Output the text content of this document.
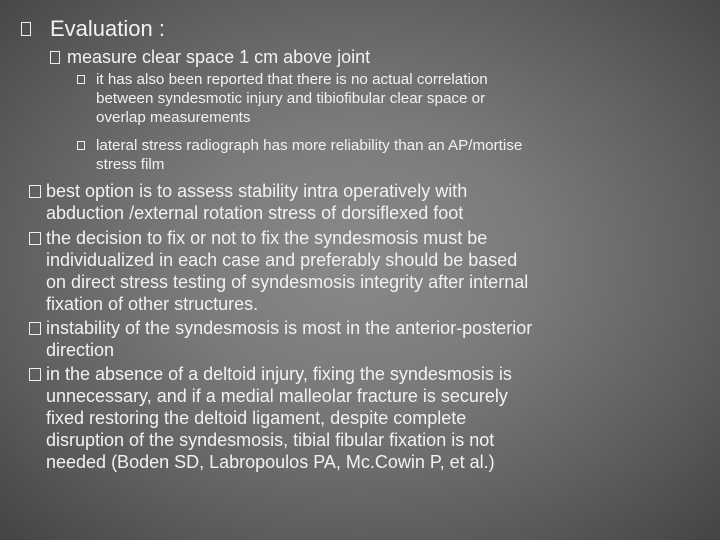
Evaluation :
measure clear space 1 cm above joint
it has also been reported that there is no actual correlation
between syndesmotic injury and tibiofibular clear space or
overlap measurements
lateral stress radiograph has more reliability than an AP/mortise
stress film
best option is to assess stability intra operatively with
abduction /external rotation stress of dorsiflexed foot
the decision to fix or not to fix the syndesmosis must be
individualized in each case and preferably should be based
on direct stress testing of syndesmosis integrity after internal
fixation of other structures.
instability of the syndesmosis is most in the anterior-posterior
direction
in the absence of a deltoid injury, fixing the syndesmosis is
unnecessary, and if a medial malleolar fracture is securely
fixed restoring the deltoid ligament, despite complete
disruption of the syndesmosis, tibial fibular fixation is not
needed (Boden SD, Labropoulos PA, Mc.Cowin P, et al.)
